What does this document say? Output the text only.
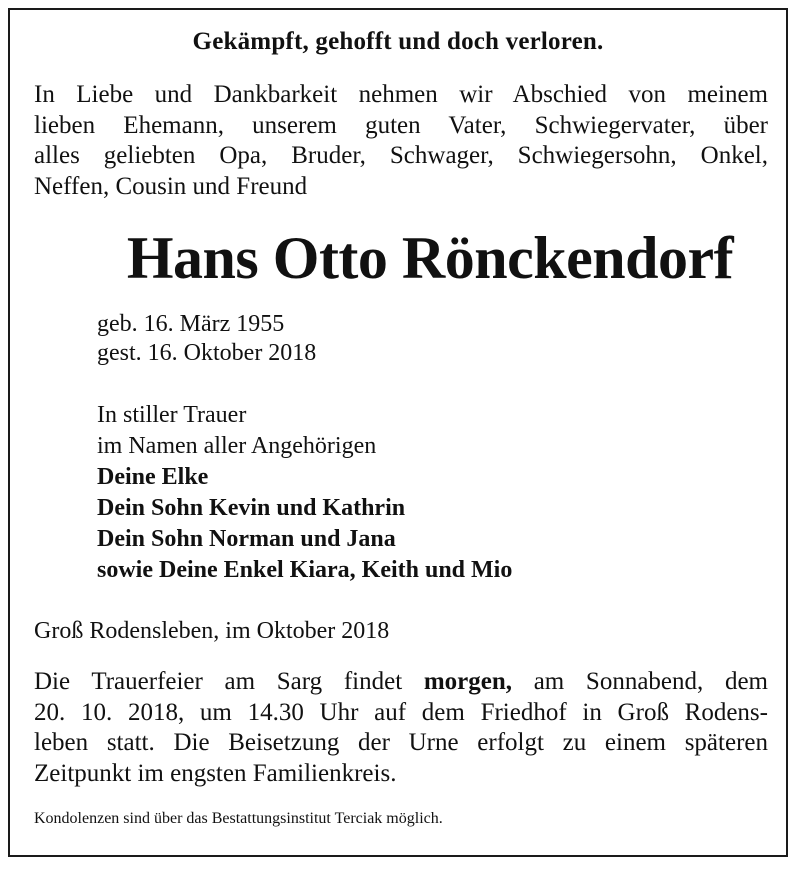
Gekämpft, gehofft und doch verloren.
In Liebe und Dankbarkeit nehmen wir Abschied von meinem
lieben Ehemann, unserem guten Vater, Schwiegervater, über
alles geliebten Opa, Bruder, Schwager, Schwiegersohn, Onkel,
Neffen, Cousin und Freund
Hans Otto Rönckendorf
geb. 16. März 1955
gest. 16. Oktober 2018
In stiller Trauer
im Namen aller Angehörigen
Deine Elke
Dein Sohn Kevin und Kathrin
Dein Sohn Norman und Jana
sowie Deine Enkel Kiara, Keith und Mio
Groß Rodensleben, im Oktober 2018
Die Trauerfeier am Sarg findet morgen, am Sonnabend, dem
20. 10. 2018, um 14.30 Uhr auf dem Friedhof in Groß Rodens-
leben statt. Die Beisetzung der Urne erfolgt zu einem späteren
Zeitpunkt im engsten Familienkreis.
Kondolenzen sind über das Bestattungsinstitut Terciak möglich.
